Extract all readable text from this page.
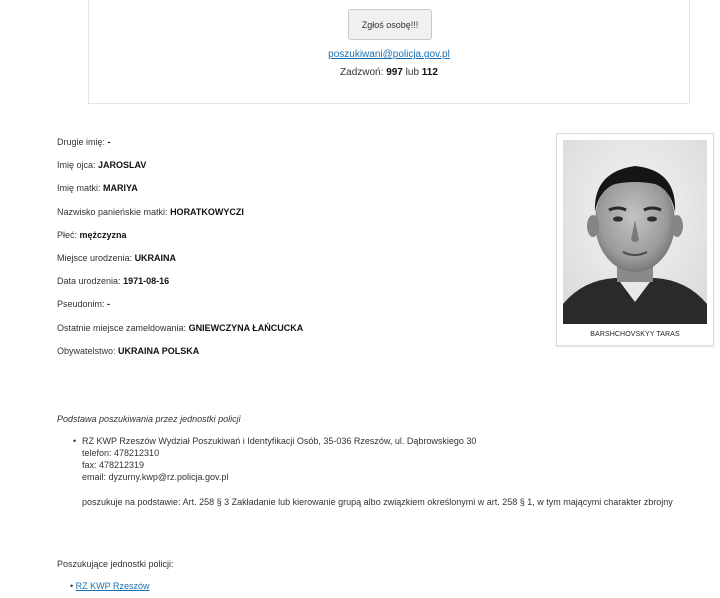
Zgłoś osobę!!!
poszukiwani@policja.gov.pl
Zadzwoń: 997 lub 112
Drugie imię: -
Imię ojca: JAROSLAV
Imię matki: MARIYA
Nazwisko panieńskie matki: HORATKOWYCZI
Płeć: mężczyzna
Miejsce urodzenia: UKRAINA
Data urodzenia: 1971-08-16
Pseudonim: -
Ostatnie miejsce zameldowania: GNIEWCZYNA ŁAŃCUCKA
Obywatelstwo: UKRAINA POLSKA
BARSHCHOVSKYY TARAS
Podstawa poszukiwania przez jednostki policji
• RZ KWP Rzeszów Wydział Poszukiwań i Identyfikacji Osób, 35-036 Rzeszów, ul. Dąbrowskiego 30
telefon: 478212310
fax: 478212319
email: dyzurny.kwp@rz.policja.gov.pl
poszukuje na podstawie: Art. 258 § 3 Zakładanie lub kierowanie grupą albo związkiem określonymi w art. 258 § 1, w tym mającymi charakter zbrojny
Poszukujące jednostki policji:
• RZ KWP Rzeszów
